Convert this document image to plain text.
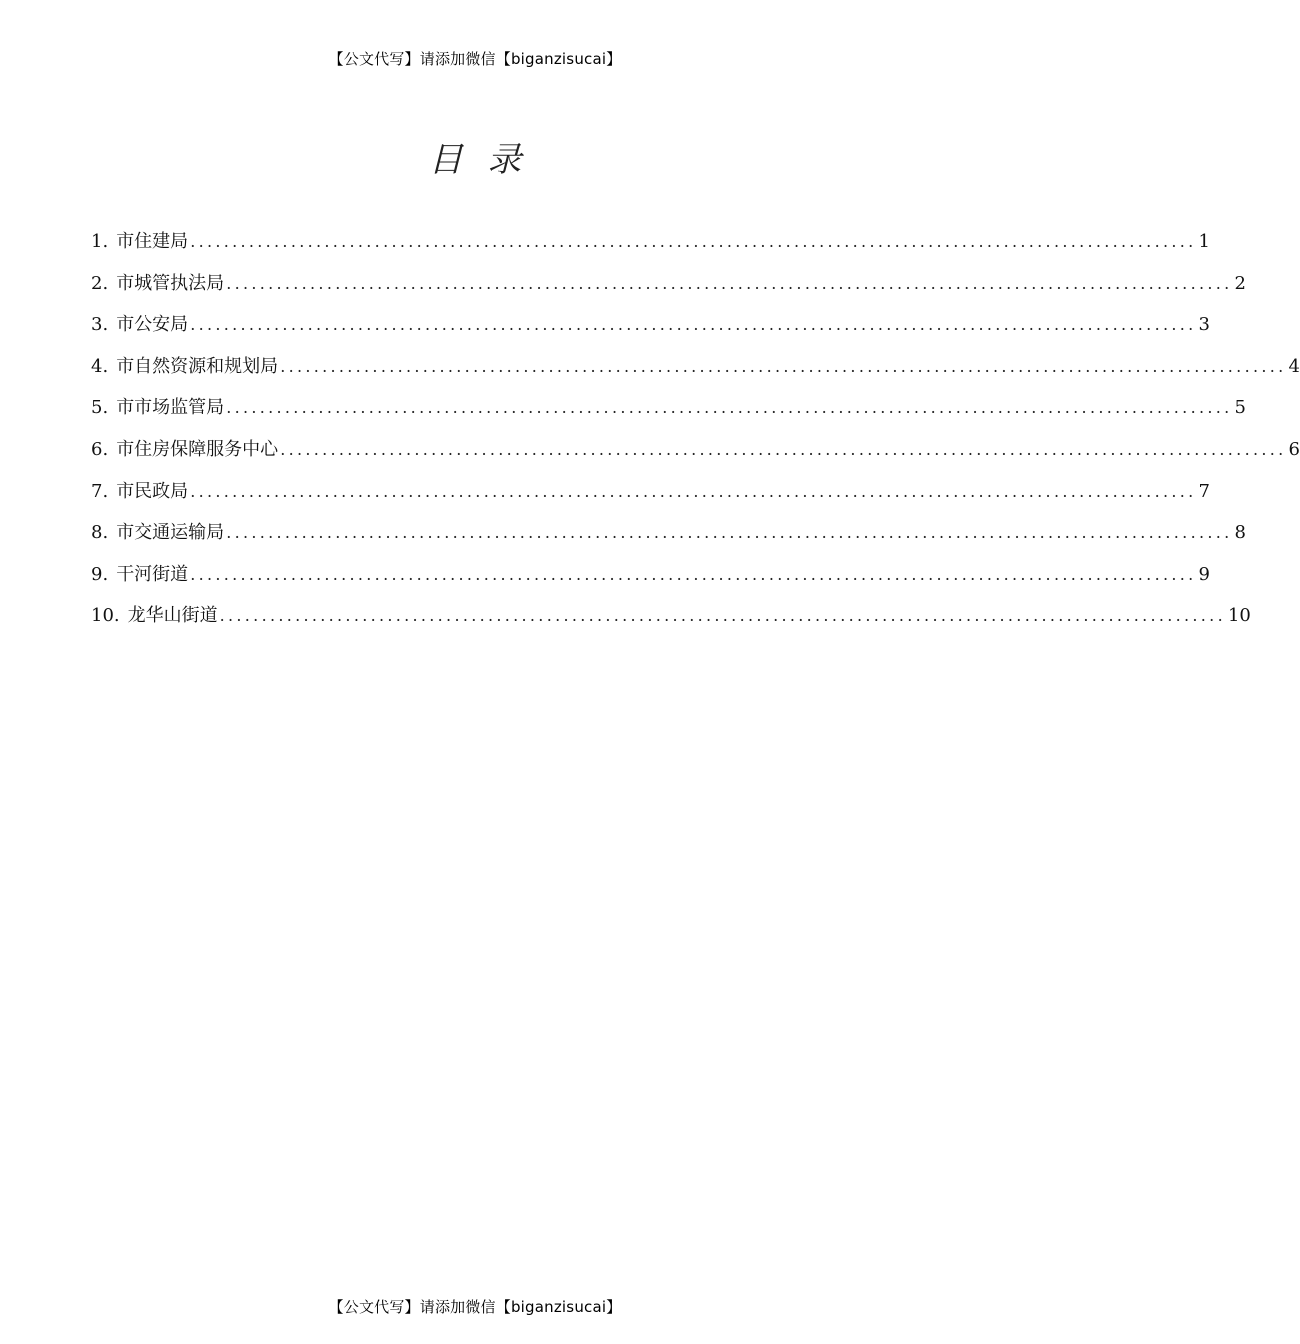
【公文代写】请添加微信【biganzisucai】
目 录
1. 市住建局 ........................................................................................................................ 1
2. 市城管执法局 ........................................................................................................................ 2
3. 市公安局 ........................................................................................................................ 3
4. 市自然资源和规划局 ........................................................................................................................ 4
5. 市市场监管局 ........................................................................................................................ 5
6. 市住房保障服务中心 ........................................................................................................................ 6
7. 市民政局 ........................................................................................................................ 7
8. 市交通运输局 ........................................................................................................................ 8
9. 干河街道 ........................................................................................................................ 9
10. 龙华山街道 ........................................................................................................................ 10
【公文代写】请添加微信【biganzisucai】
